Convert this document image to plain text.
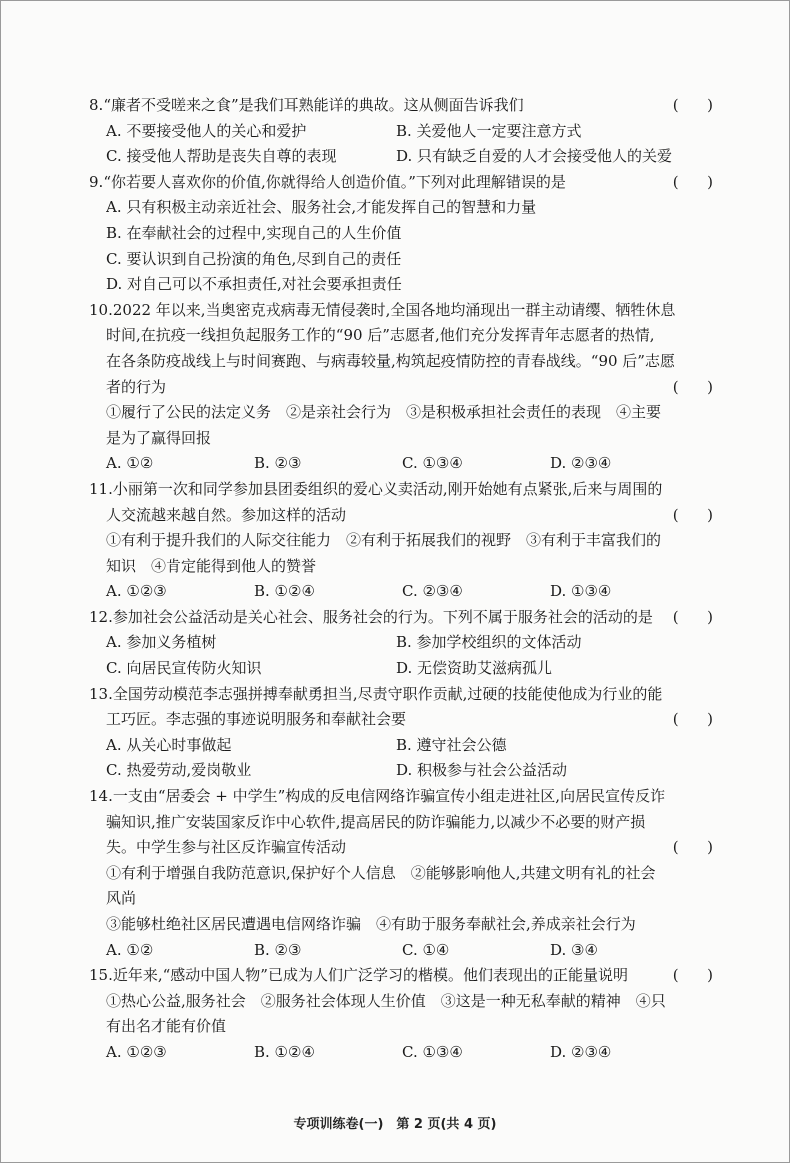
8.“廉者不受嗟来之食”是我们耳熟能详的典故。这从侧面告诉我们	(      )
A. 不要接受他人的关心和爱护	B. 关爱他人一定要注意方式
C. 接受他人帮助是丧失自尊的表现	D. 只有缺乏自爱的人才会接受他人的关爱
9.“你若要人喜欢你的价值,你就得给人创造价值。”下列对此理解错误的是	(      )
A. 只有积极主动亲近社会、服务社会,才能发挥自己的智慧和力量
B. 在奉献社会的过程中,实现自己的人生价值
C. 要认识到自己扮演的角色,尽到自己的责任
D. 对自己可以不承担责任,对社会要承担责任
10.2022 年以来,当奥密克戎病毒无情侵袭时,全国各地均涌现出一群主动请缨、牺牲休息
时间,在抗疫一线担负起服务工作的“90 后”志愿者,他们充分发挥青年志愿者的热情,
在各条防疫战线上与时间赛跑、与病毒较量,构筑起疫情防控的青春战线。“90 后”志愿
者的行为	(      )
①履行了公民的法定义务　②是亲社会行为　③是积极承担社会责任的表现　④主要
是为了赢得回报
A. ①②	B. ②③	C. ①③④	D. ②③④
11.小丽第一次和同学参加县团委组织的爱心义卖活动,刚开始她有点紧张,后来与周围的
人交流越来越自然。参加这样的活动	(      )
①有利于提升我们的人际交往能力　②有利于拓展我们的视野　③有利于丰富我们的
知识　④肯定能得到他人的赞誉
A. ①②③	B. ①②④	C. ②③④	D. ①③④
12.参加社会公益活动是关心社会、服务社会的行为。下列不属于服务社会的活动的是 (      )
A. 参加义务植树	B. 参加学校组织的文体活动
C. 向居民宣传防火知识	D. 无偿资助艾滋病孤儿
13.全国劳动模范李志强拼搏奉献勇担当,尽责守职作贡献,过硬的技能使他成为行业的能
工巧匠。李志强的事迹说明服务和奉献社会要	(      )
A. 从关心时事做起	B. 遵守社会公德
C. 热爱劳动,爱岗敬业	D. 积极参与社会公益活动
14.一支由“居委会 + 中学生”构成的反电信网络诈骗宣传小组走进社区,向居民宣传反诈
骗知识,推广安装国家反诈中心软件,提高居民的防诈骗能力,以减少不必要的财产损
失。中学生参与社区反诈骗宣传活动	(      )
①有利于增强自我防范意识,保护好个人信息　②能够影响他人,共建文明有礼的社会
风尚
③能够杜绝社区居民遭遇电信网络诈骗　④有助于服务奉献社会,养成亲社会行为
A. ①②	B. ②③	C. ①④	D. ③④
15.近年来,“感动中国人物”已成为人们广泛学习的楷模。他们表现出的正能量说明	(      )
①热心公益,服务社会　②服务社会体现人生价值　③这是一种无私奉献的精神　④只
有出名才能有价值
A. ①②③	B. ①②④	C. ①③④	D. ②③④
专项训练卷(一)　第 2 页(共 4 页)
